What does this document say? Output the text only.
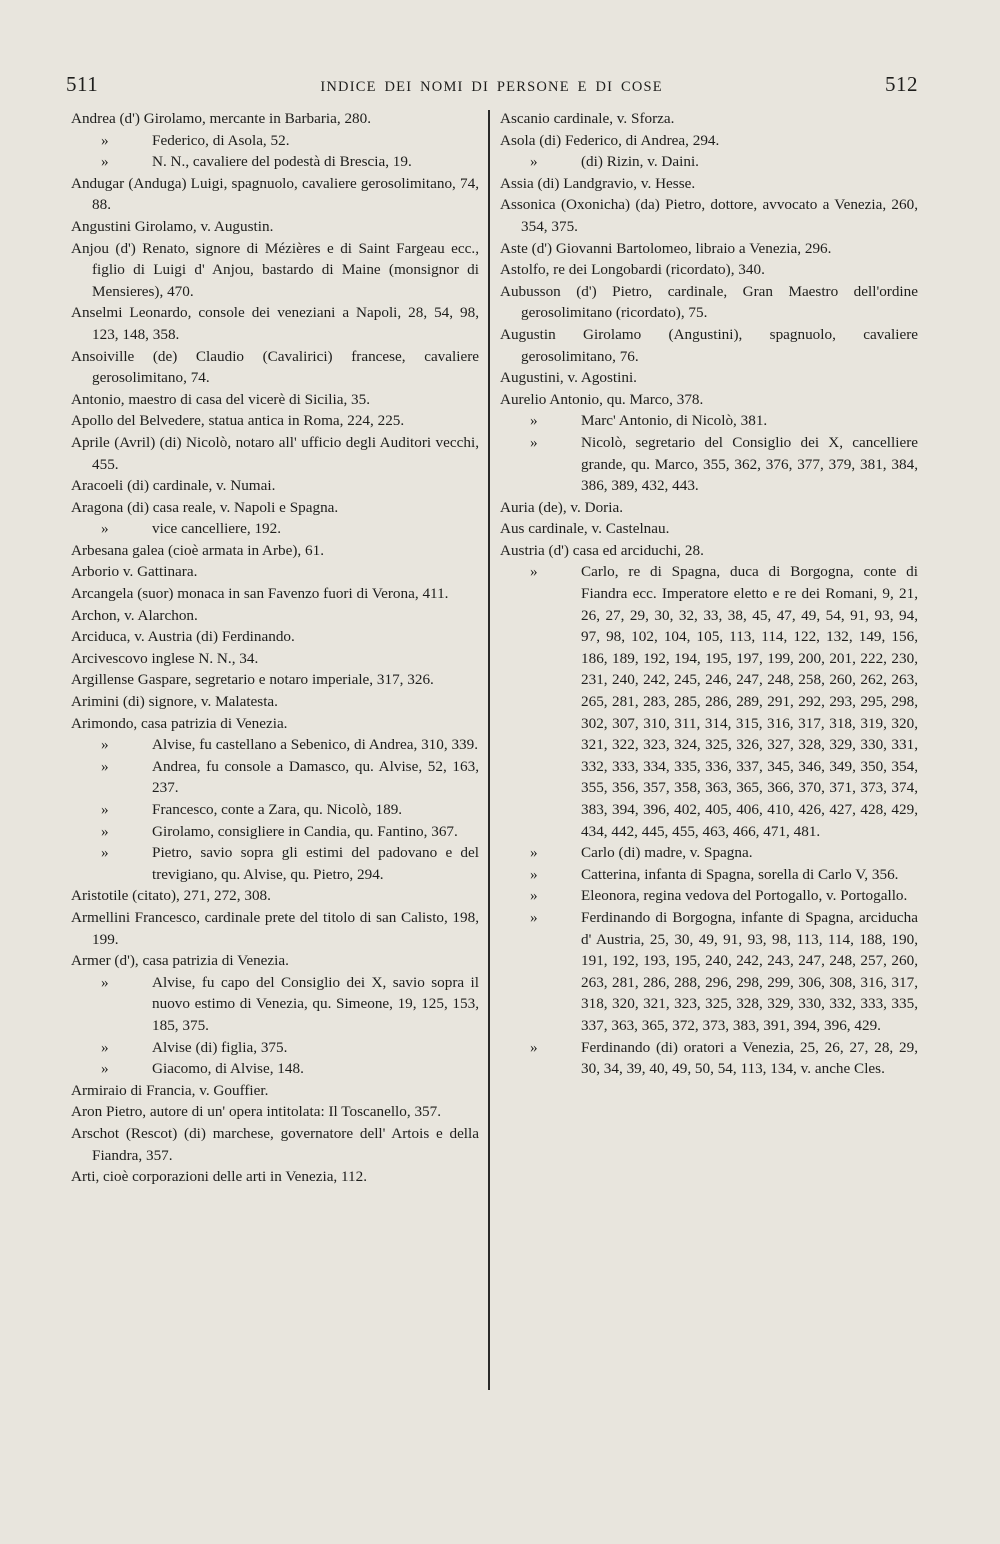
511	INDICE DEI NOMI DI PERSONE E DI COSE	512
Andrea (d') Girolamo, mercante in Barbaria, 280.
»	Federico, di Asola, 52.
»	N. N., cavaliere del podestà di Brescia, 19.
Andugar (Anduga) Luigi, spagnuolo, cavaliere gerosolimitano, 74, 88.
Angustini Girolamo, v. Augustin.
Anjou (d') Renato, signore di Mézières e di Saint Fargeau ecc., figlio di Luigi d' Anjou, bastardo di Maine (monsignor di Mensieres), 470.
Anselmi Leonardo, console dei veneziani a Napoli, 28, 54, 98, 123, 148, 358.
Ansoiville (de) Claudio (Cavalirici) francese, cavaliere gerosolimitano, 74.
Antonio, maestro di casa del vicerè di Sicilia, 35.
Apollo del Belvedere, statua antica in Roma, 224, 225.
Aprile (Avril) (di) Nicolò, notaro all' ufficio degli Auditori vecchi, 455.
Aracoeli (di) cardinale, v. Numai.
Aragona (di) casa reale, v. Napoli e Spagna.
»	vice cancelliere, 192.
Arbesana galea (cioè armata in Arbe), 61.
Arborio v. Gattinara.
Arcangela (suor) monaca in san Favenzo fuori di Verona, 411.
Archon, v. Alarchon.
Arciduca, v. Austria (di) Ferdinando.
Arcivescovo inglese N. N., 34.
Argillense Gaspare, segretario e notaro imperiale, 317, 326.
Arimini (di) signore, v. Malatesta.
Arimondo, casa patrizia di Venezia.
»	Alvise, fu castellano a Sebenico, di Andrea, 310, 339.
»	Andrea, fu console a Damasco, qu. Alvise, 52, 163, 237.
»	Francesco, conte a Zara, qu. Nicolò, 189.
»	Girolamo, consigliere in Candia, qu. Fantino, 367.
»	Pietro, savio sopra gli estimi del padovano e del trevigiano, qu. Alvise, qu. Pietro, 294.
Aristotile (citato), 271, 272, 308.
Armellini Francesco, cardinale prete del titolo di san Calisto, 198, 199.
Armer (d'), casa patrizia di Venezia.
»	Alvise, fu capo del Consiglio dei X, savio sopra il nuovo estimo di Venezia, qu. Simeone, 19, 125, 153, 185, 375.
»	Alvise (di) figlia, 375.
»	Giacomo, di Alvise, 148.
Armiraio di Francia, v. Gouffier.
Aron Pietro, autore di un' opera intitolata: Il Toscanello, 357.
Arschot (Rescot) (di) marchese, governatore dell' Artois e della Fiandra, 357.
Arti, cioè corporazioni delle arti in Venezia, 112.
Ascanio cardinale, v. Sforza.
Asola (di) Federico, di Andrea, 294.
»	(di) Rizin, v. Daini.
Assia (di) Landgravio, v. Hesse.
Assonica (Oxonicha) (da) Pietro, dottore, avvocato a Venezia, 260, 354, 375.
Aste (d') Giovanni Bartolomeo, libraio a Venezia, 296.
Astolfo, re dei Longobardi (ricordato), 340.
Aubusson (d') Pietro, cardinale, Gran Maestro dell'ordine gerosolimitano (ricordato), 75.
Augustin Girolamo (Angustini), spagnuolo, cavaliere gerosolimitano, 76.
Augustini, v. Agostini.
Aurelio Antonio, qu. Marco, 378.
»	Marc' Antonio, di Nicolò, 381.
»	Nicolò, segretario del Consiglio dei X, cancelliere grande, qu. Marco, 355, 362, 376, 377, 379, 381, 384, 386, 389, 432, 443.
Auria (de), v. Doria.
Aus cardinale, v. Castelnau.
Austria (d') casa ed arciduchi, 28.
»	Carlo, re di Spagna, duca di Borgogna, conte di Fiandra ecc. Imperatore eletto e re dei Romani, 9, 21, 26, 27, 29, 30, 32, 33, 38, 45, 47, 49, 54, 91, 93, 94, 97, 98, 102, 104, 105, 113, 114, 122, 132, 149, 156, 186, 189, 192, 194, 195, 197, 199, 200, 201, 222, 230, 231, 240, 242, 245, 246, 247, 248, 258, 260, 262, 263, 265, 281, 283, 285, 286, 289, 291, 292, 293, 295, 298, 302, 307, 310, 311, 314, 315, 316, 317, 318, 319, 320, 321, 322, 323, 324, 325, 326, 327, 328, 329, 330, 331, 332, 333, 334, 335, 336, 337, 345, 346, 349, 350, 354, 355, 356, 357, 358, 363, 365, 366, 370, 371, 373, 374, 383, 394, 396, 402, 405, 406, 410, 426, 427, 428, 429, 434, 442, 445, 455, 463, 466, 471, 481.
»	Carlo (di) madre, v. Spagna.
»	Catterina, infanta di Spagna, sorella di Carlo V, 356.
»	Eleonora, regina vedova del Portogallo, v. Portogallo.
»	Ferdinando di Borgogna, infante di Spagna, arciducha d' Austria, 25, 30, 49, 91, 93, 98, 113, 114, 188, 190, 191, 192, 193, 195, 240, 242, 243, 247, 248, 257, 260, 263, 281, 286, 288, 296, 298, 299, 306, 308, 316, 317, 318, 320, 321, 323, 325, 328, 329, 330, 332, 333, 335, 337, 363, 365, 372, 373, 383, 391, 394, 396, 429.
»	Ferdinando (di) oratori a Venezia, 25, 26, 27, 28, 29, 30, 34, 39, 40, 49, 50, 54, 113, 134, v. anche Cles.
